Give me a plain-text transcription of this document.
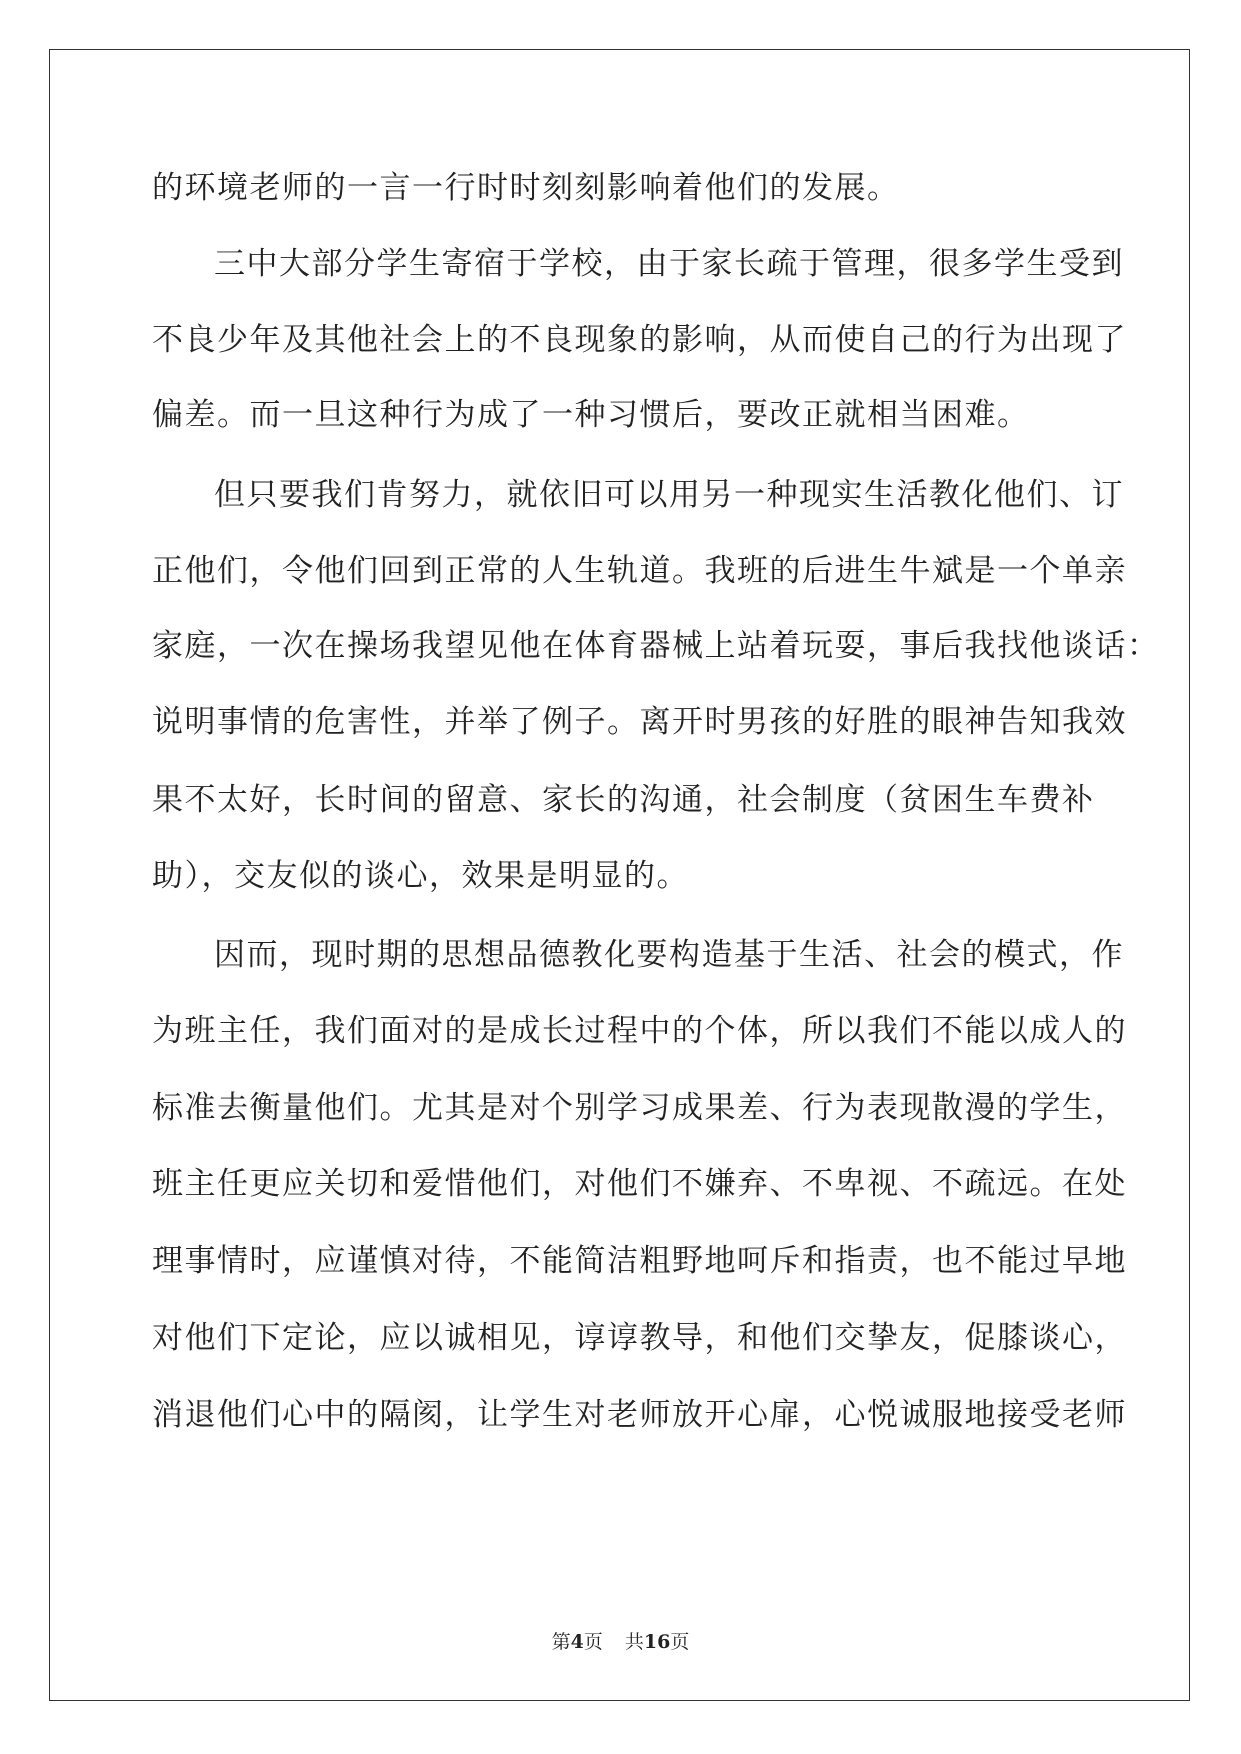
的环境老师的一言一行时时刻刻影响着他们的发展。
三中大部分学生寄宿于学校，由于家长疏于管理，很多学生受到
不良少年及其他社会上的不良现象的影响，从而使自己的行为出现了
偏差。而一旦这种行为成了一种习惯后，要改正就相当困难。
但只要我们肯努力，就依旧可以用另一种现实生活教化他们、订
正他们，令他们回到正常的人生轨道。我班的后进生牛斌是一个单亲
家庭，一次在操场我望见他在体育器械上站着玩耍，事后我找他谈话：
说明事情的危害性，并举了例子。离开时男孩的好胜的眼神告知我效
果不太好，长时间的留意、家长的沟通，社会制度（贫困生车费补
助），交友似的谈心，效果是明显的。
因而，现时期的思想品德教化要构造基于生活、社会的模式，作
为班主任，我们面对的是成长过程中的个体，所以我们不能以成人的
标准去衡量他们。尤其是对个别学习成果差、行为表现散漫的学生，
班主任更应关切和爱惜他们，对他们不嫌弃、不卑视、不疏远。在处
理事情时，应谨慎对待，不能简洁粗野地呵斥和指责，也不能过早地
对他们下定论，应以诚相见，谆谆教导，和他们交挚友，促膝谈心，
消退他们心中的隔阂，让学生对老师放开心扉，心悦诚服地接受老师
第4页 共16页
